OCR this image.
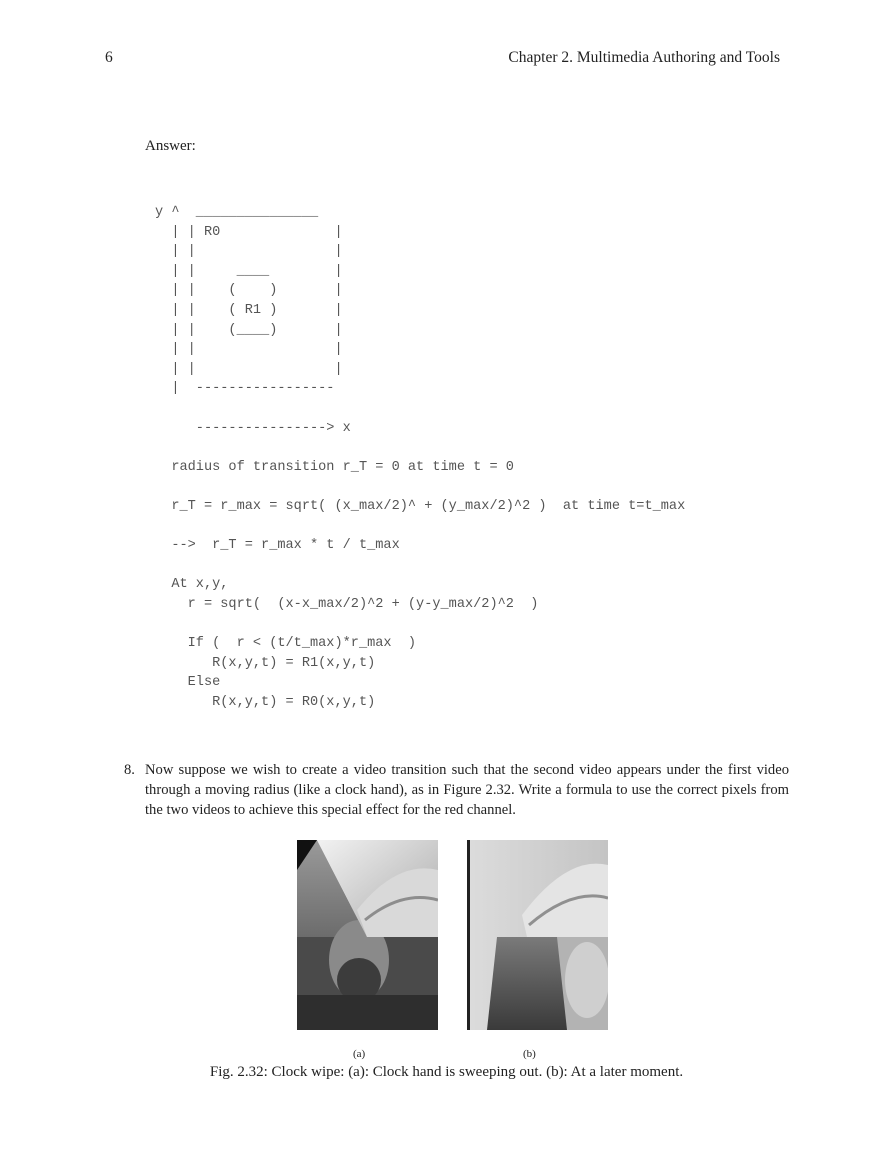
6	Chapter 2. Multimedia Authoring and Tools
Answer:
y ^  _______________
| | R0              |
| |                 |
| |     ____        |
| |    (    )       |
| |    ( R1 )       |
| |    (____)       |
| |                 |
| |                 |
|  -----------------

----------------> x

radius of transition r_T = 0 at time t = 0

r_T = r_max = sqrt( (x_max/2)^ + (y_max/2)^2 )  at time t=t_max

-->  r_T = r_max * t / t_max

At x,y,
r = sqrt(  (x-x_max/2)^2 + (y-y_max/2)^2  )

If (  r < (t/t_max)*r_max  )
R(x,y,t) = R1(x,y,t)
Else
R(x,y,t) = R0(x,y,t)
8. Now suppose we wish to create a video transition such that the second video appears under the first video through a moving radius (like a clock hand), as in Figure 2.32. Write a formula to use the correct pixels from the two videos to achieve this special effect for the red channel.
(a)	(b)
Fig. 2.32: Clock wipe: (a): Clock hand is sweeping out. (b): At a later moment.
